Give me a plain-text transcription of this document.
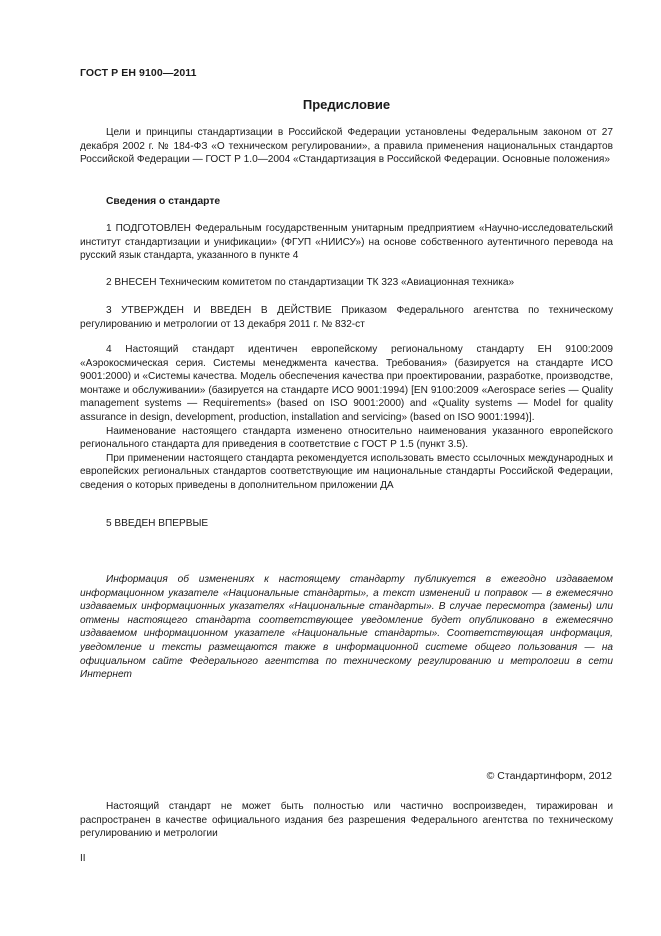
ГОСТ Р ЕН 9100—2011
Предисловие
Цели и принципы стандартизации в Российской Федерации установлены Федеральным законом от 27 декабря 2002 г. № 184-ФЗ «О техническом регулировании», а правила применения национальных стандартов Российской Федерации — ГОСТ Р 1.0—2004 «Стандартизация в Российской Федерации. Основные положения»
Сведения о стандарте
1 ПОДГОТОВЛЕН Федеральным государственным унитарным предприятием «Научно-исследовательский институт стандартизации и унификации» (ФГУП «НИИСУ») на основе собственного аутентичного перевода на русский язык стандарта, указанного в пункте 4
2 ВНЕСЕН Техническим комитетом по стандартизации ТК 323 «Авиационная техника»
3 УТВЕРЖДЕН И ВВЕДЕН В ДЕЙСТВИЕ Приказом Федерального агентства по техническому регулированию и метрологии от 13 декабря 2011 г. № 832-ст

4 Настоящий стандарт идентичен европейскому региональному стандарту ЕН 9100:2009 «Аэрокосмическая серия. Системы менеджмента качества. Требования» (базируется на стандарте ИСО 9001:2000) и «Системы качества. Модель обеспечения качества при проектировании, разработке, производстве, монтаже и обслуживании» (базируется на стандарте ИСО 9001:1994) [EN 9100:2009 «Aerospace series — Quality management systems — Requirements» (based on ISO 9001:2000) and «Quality systems — Model for quality assurance in design, development, production, installation and servicing» (based on ISO 9001:1994)].

Наименование настоящего стандарта изменено относительно наименования указанного европейского регионального стандарта для приведения в соответствие с ГОСТ Р 1.5 (пункт 3.5).

При применении настоящего стандарта рекомендуется использовать вместо ссылочных международных и европейских региональных стандартов соответствующие им национальные стандарты Российской Федерации, сведения о которых приведены в дополнительном приложении ДА

5 ВВЕДЕН ВПЕРВЫЕ
Информация об изменениях к настоящему стандарту публикуется в ежегодно издаваемом информационном указателе «Национальные стандарты», а текст изменений и поправок — в ежемесячно издаваемых информационных указателях «Национальные стандарты». В случае пересмотра (замены) или отмены настоящего стандарта соответствующее уведомление будет опубликовано в ежемесячно издаваемом информационном указателе «Национальные стандарты». Соответствующая информация, уведомление и тексты размещаются также в информационной системе общего пользования — на официальном сайте Федерального агентства по техническому регулированию и метрологии в сети Интернет
© Стандартинформ, 2012
Настоящий стандарт не может быть полностью или частично воспроизведен, тиражирован и распространен в качестве официального издания без разрешения Федерального агентства по техническому регулированию и метрологии
II
